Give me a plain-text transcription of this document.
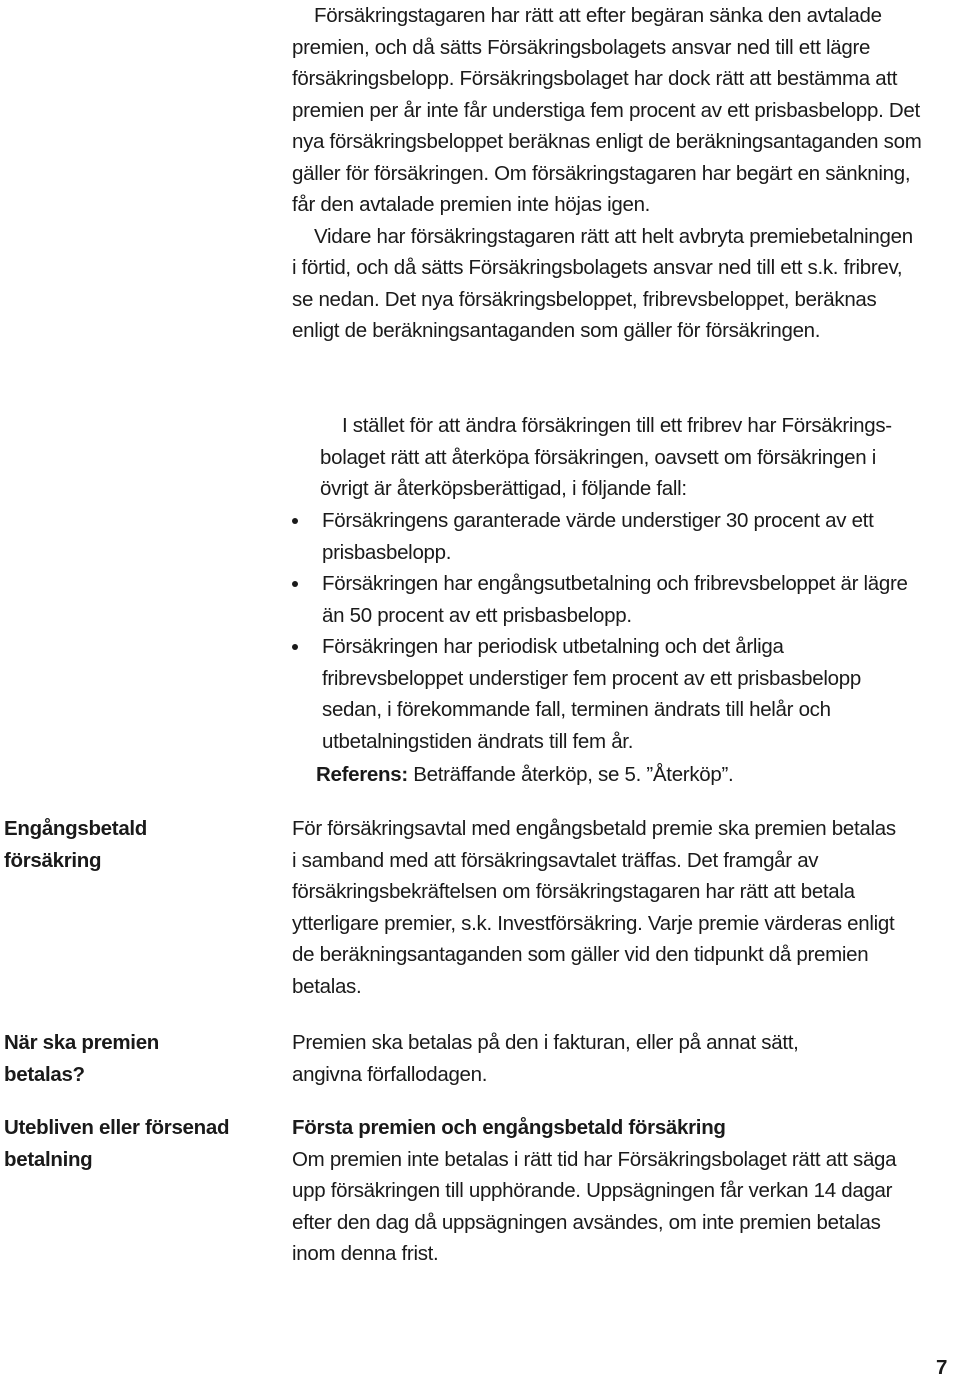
Försäkringstagaren har rätt att efter begäran sänka den avtalade premien, och då sätts Försäkringsbolagets ansvar ned till ett lägre försäkringsbelopp. Försäkringsbolaget har dock rätt att bestämma att premien per år inte får understiga fem procent av ett prisbasbelopp. Det nya försäkringsbeloppet beräknas enligt de beräkningsantaganden som gäller för försäkringen. Om försäkringstagaren har begärt en sänkning, får den avtalade premien inte höjas igen.

Vidare har försäkringstagaren rätt att helt avbryta premiebetalningen i förtid, och då sätts Försäkringsbolagets ansvar ned till ett s.k. fribrev, se nedan. Det nya försäkringsbeloppet, fribrevsbeloppet, beräknas enligt de beräkningsantaganden som gäller för försäkringen.

I stället för att ändra försäkringen till ett fribrev har Försäkrings-bolaget rätt att återköpa försäkringen, oavsett om försäkringen i övrigt är återköpsberättigad, i följande fall:

Försäkringens garanterade värde understiger 30 procent av ett prisbasbelopp.
Försäkringen har engångsutbetalning och fribrevsbeloppet är lägre än 50 procent av ett prisbasbelopp.
Försäkringen har periodisk utbetalning och det årliga fribrevsbeloppet understiger fem procent av ett prisbasbelopp sedan, i förekommande fall, terminen ändrats till helår och utbetalningstiden ändrats till fem år.
Referens: Beträffande återköp, se 5. ”Återköp”.
Engångsbetald försäkring
När ska premien betalas?
Utebliven eller försenad betalning

För försäkringsavtal med engångsbetald premie ska premien betalas i samband med att försäkringsavtalet träffas. Det framgår av försäkringsbekräftelsen om försäkringstagaren har rätt att betala ytterligare premier, s.k. Investförsäkring. Varje premie värderas enligt de beräkningsantaganden som gäller vid den tidpunkt då premien betalas.

Premien ska betalas på den i fakturan, eller på annat sätt, angivna förfallodagen.

Första premien och engångsbetald försäkring

Om premien inte betalas i rätt tid har Försäkringsbolaget rätt att säga upp försäkringen till upphörande. Uppsägningen får verkan 14 dagar efter den dag då uppsägningen avsändes, om inte premien betalas inom denna frist.

7
